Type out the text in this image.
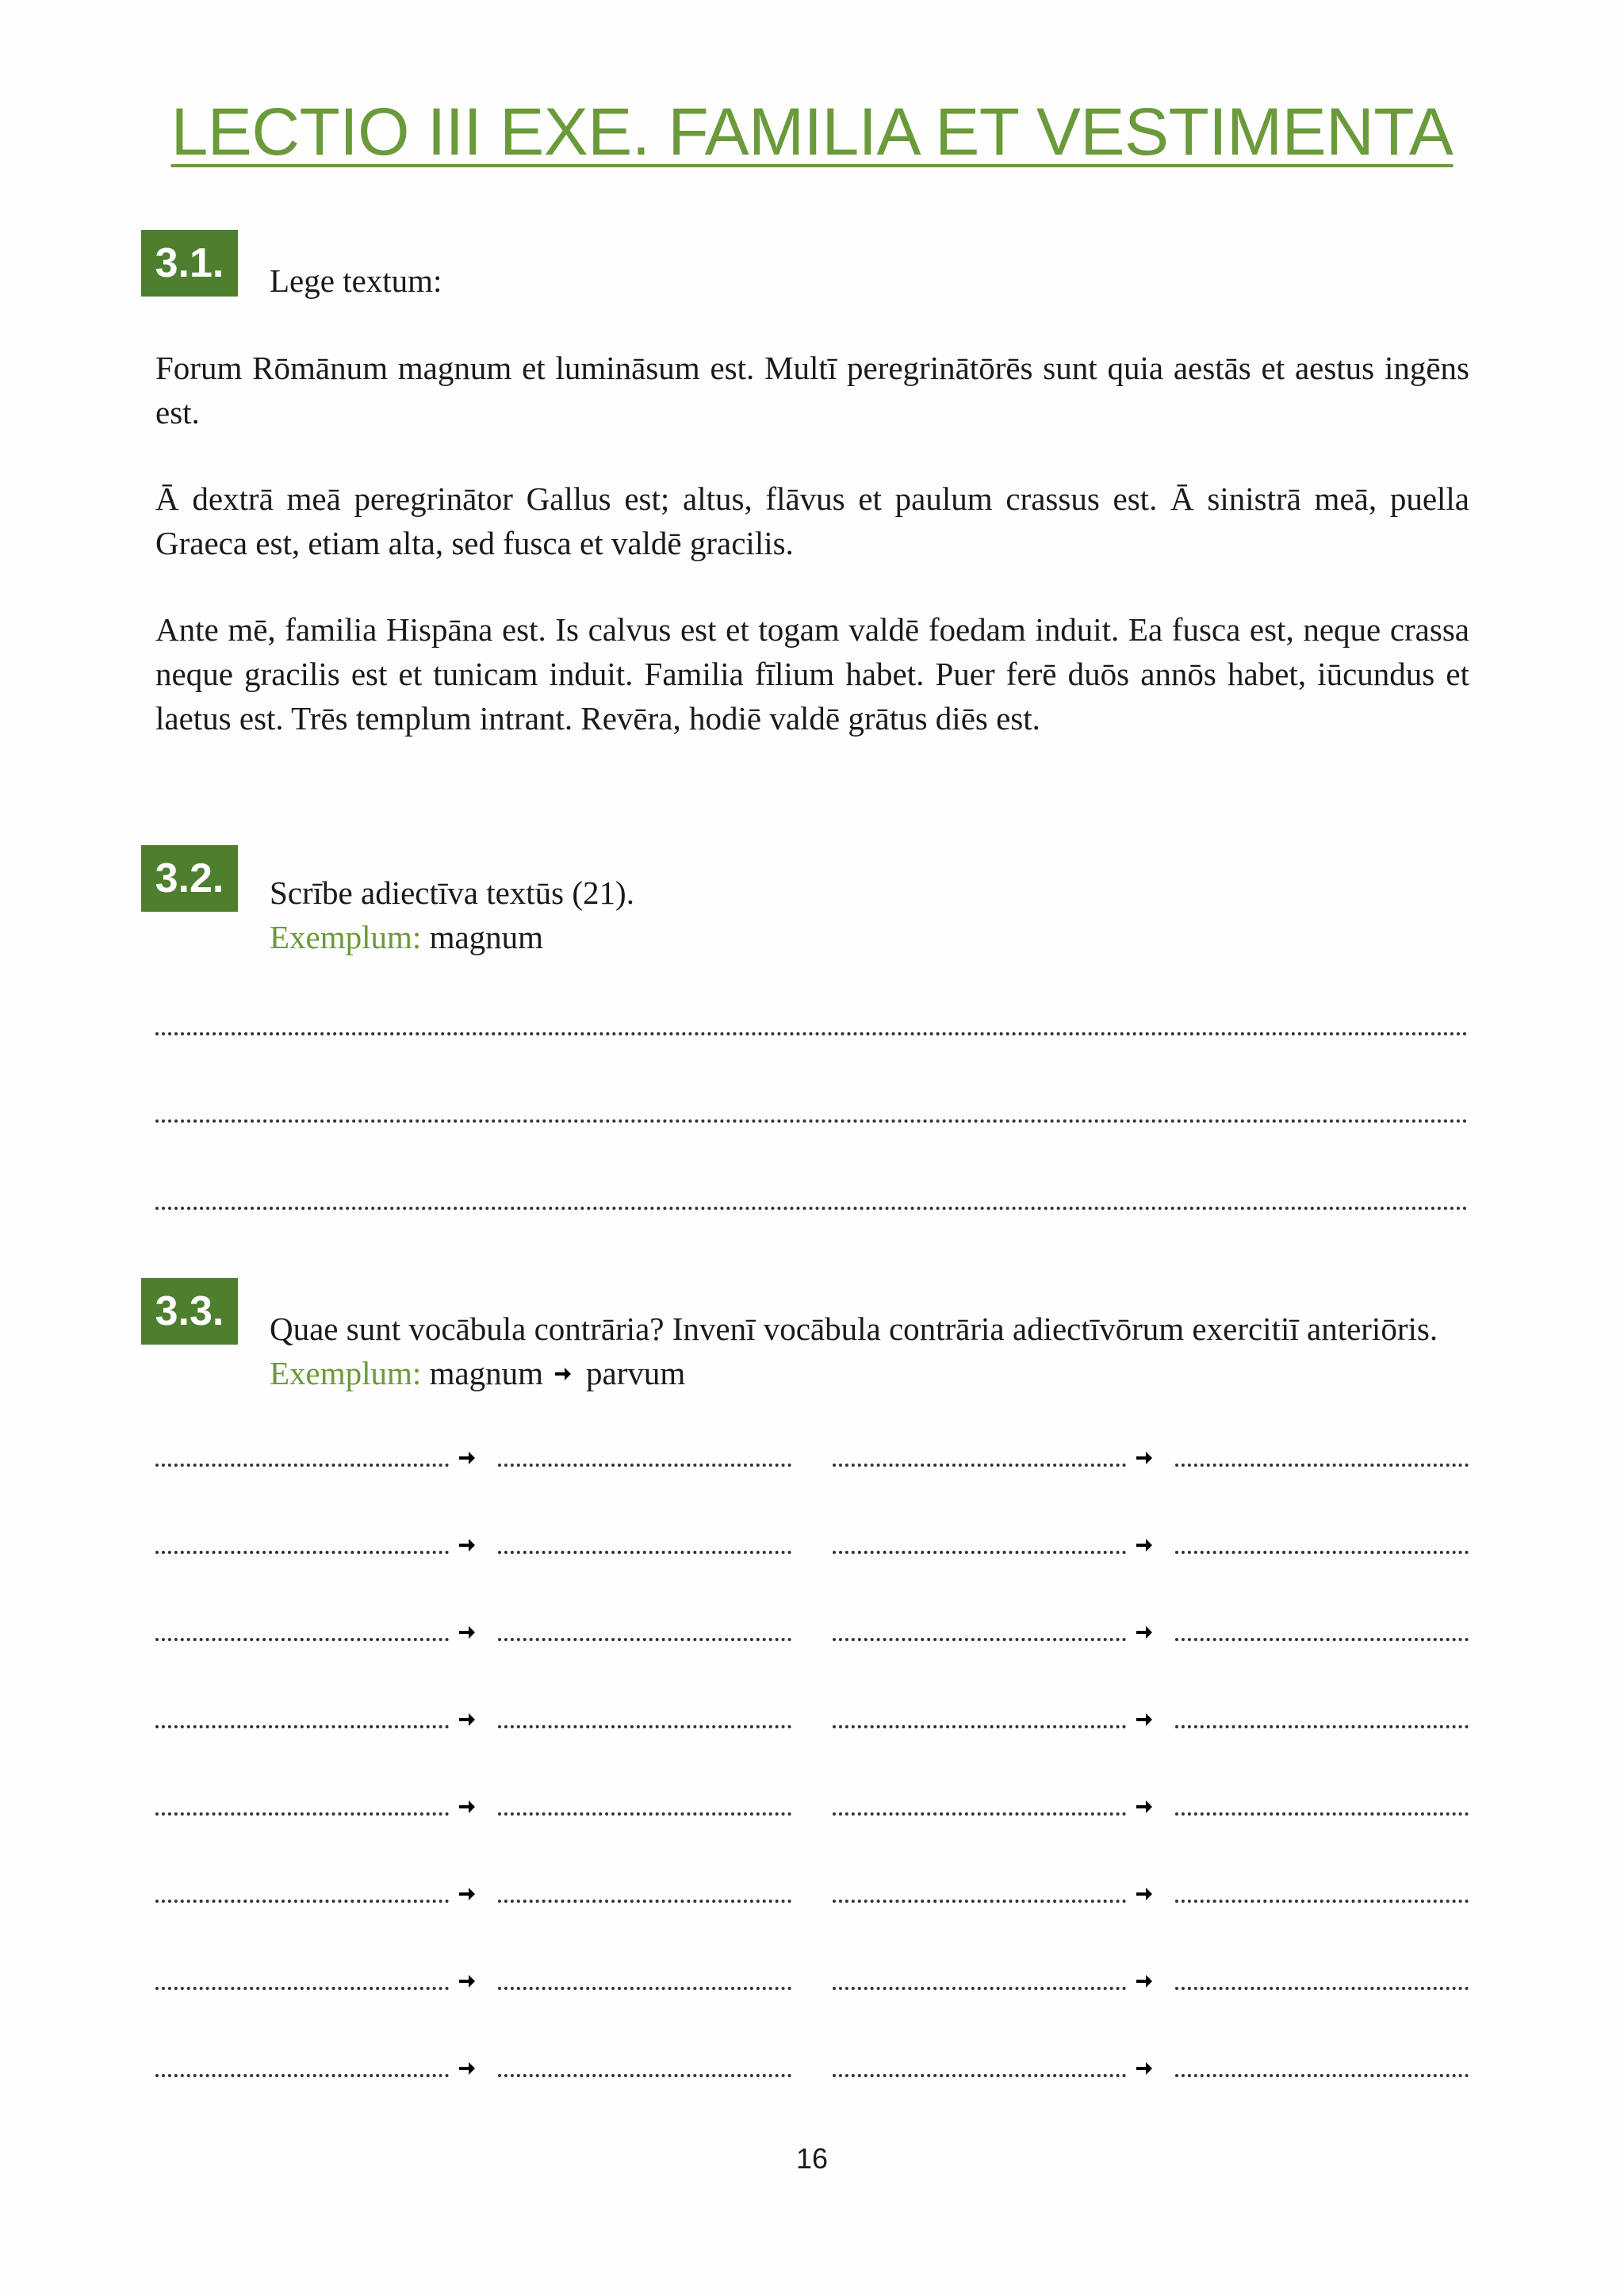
LECTIO III EXE. FAMILIA ET VESTIMENTA
3.1.	Lege textum:
Forum Rōmānum magnum et lumināsum est. Multī peregrinātōrēs sunt quia aestās et aestus ingēns est.
Ā dextrā meā peregrinātor Gallus est; altus, flāvus et paulum crassus est. Ā sinistrā meā, puella Graeca est, etiam alta, sed fusca et valdē gracilis.
Ante mē, familia Hispāna est. Is calvus est et togam valdē foedam induit. Ea fusca est, neque crassa neque gracilis est et tunicam induit. Familia fīlium habet. Puer ferē duōs annōs habet, iūcundus et laetus est. Trēs templum intrant. Revēra, hodiē valdē grātus diēs est.
3.2.	Scrībe adiectīva textūs (21).
Exemplum: magnum
3.3.	Quae sunt vocābula contrāria? Invenī vocābula contrāria adiectīvōrum exercitiī anteriōris. Exemplum: magnum parvum
16
